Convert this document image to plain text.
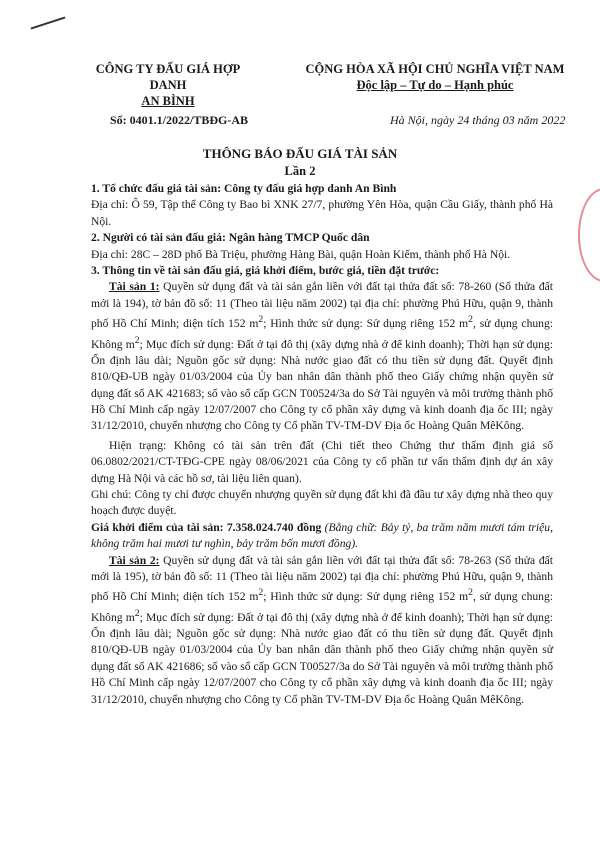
CÔNG TY ĐẤU GIÁ HỢP DANH
AN BÌNH
CỘNG HÒA XÃ HỘI CHỦ NGHĨA VIỆT NAM
Độc lập – Tự do – Hạnh phúc
Số: 0401.1/2022/TBĐG-AB	Hà Nội, ngày 24 tháng 03 năm 2022
THÔNG BÁO ĐẤU GIÁ TÀI SẢN
Lần 2

1. Tổ chức đấu giá tài sản: Công ty đấu giá hợp danh An Bình

Địa chỉ: Ô 59, Tập thể Công ty Bao bì XNK 27/7, phường Yên Hòa, quận Cầu Giấy, thành phố Hà Nội.

2. Người có tài sản đấu giá: Ngân hàng TMCP Quốc dân

Địa chỉ: 28C – 28D phố Bà Triệu, phường Hàng Bài, quận Hoàn Kiếm, thành phố Hà Nội.

3. Thông tin về tài sản đấu giá, giá khởi điểm, bước giá, tiền đặt trước:

Tài sản 1: Quyền sử dụng đất và tài sản gắn liền với đất tại thửa đất số: 78-260 (Số thửa đất mới là 194), tờ bản đồ số: 11 (Theo tài liệu năm 2002) tại địa chỉ: phường Phú Hữu, quận 9, thành phố Hồ Chí Minh; diện tích 152 $m^2$; Hình thức sử dụng: Sử dụng riêng 152 $m^2$, sử dụng chung: Không $m^2$; Mục đích sử dụng: Đất ở tại đô thị (xây dựng nhà ở để kinh doanh); Thời hạn sử dụng: Ổn định lâu dài; Nguồn gốc sử dụng: Nhà nước giao đất có thu tiền sử dụng đất. Quyết định 810/QĐ-UB ngày 01/03/2004 của Ủy ban nhân dân thành phố theo Giấy chứng nhận quyền sử dụng đất số AK 421683; số vào sổ cấp GCN T00524/3a do Sở Tài nguyên và môi trường thành phố Hồ Chí Minh cấp ngày 12/07/2007 cho Công ty cổ phần xây dựng và kinh doanh địa ốc III; ngày 31/12/2010, chuyển nhượng cho Công ty Cổ phần TV-TM-DV Địa ốc Hoàng Quân MêKông.

Hiện trạng: Không có tài sản trên đất (Chi tiết theo Chứng thư thẩm định giá số 06.0802/2021/CT-TĐG-CPE ngày 08/06/2021 của Công ty cổ phần tư vấn thẩm định dự án xây dựng Hà Nội và các hồ sơ, tài liệu liên quan).

Ghi chú: Công ty chỉ được chuyển nhượng quyền sử dụng đất khi đã đầu tư xây dựng nhà theo quy hoạch được duyệt.

Giá khởi điểm của tài sản: 7.358.024.740 đồng (Bằng chữ: Bảy tỷ, ba trăm năm mươi tám triệu, không trăm hai mươi tư nghìn, bảy trăm bốn mươi đồng).

Tài sản 2: Quyền sử dụng đất và tài sản gắn liền với đất tại thửa đất số: 78-263 (Số thửa đất mới là 195), tờ bản đồ số: 11 (Theo tài liệu năm 2002) tại địa chỉ: phường Phú Hữu, quận 9, thành phố Hồ Chí Minh; diện tích 152 $m^2$; Hình thức sử dụng: Sử dụng riêng 152 $m^2$, sử dụng chung: Không $m^2$; Mục đích sử dụng: Đất ở tại đô thị (xây dựng nhà ở để kinh doanh); Thời hạn sử dụng: Ổn định lâu dài; Nguồn gốc sử dụng: Nhà nước giao đất có thu tiền sử dụng đất. Quyết định 810/QĐ-UB ngày 01/03/2004 của Ủy ban nhân dân thành phố theo Giấy chứng nhận quyền sử dụng đất số AK 421686; số vào sổ cấp GCN T00527/3a do Sở Tài nguyên và môi trường thành phố Hồ Chí Minh cấp ngày 12/07/2007 cho Công ty cổ phần xây dựng và kinh doanh địa ốc III; ngày 31/12/2010, chuyển nhượng cho Công ty Cổ phần TV-TM-DV Địa ốc Hoàng Quân MêKông.
